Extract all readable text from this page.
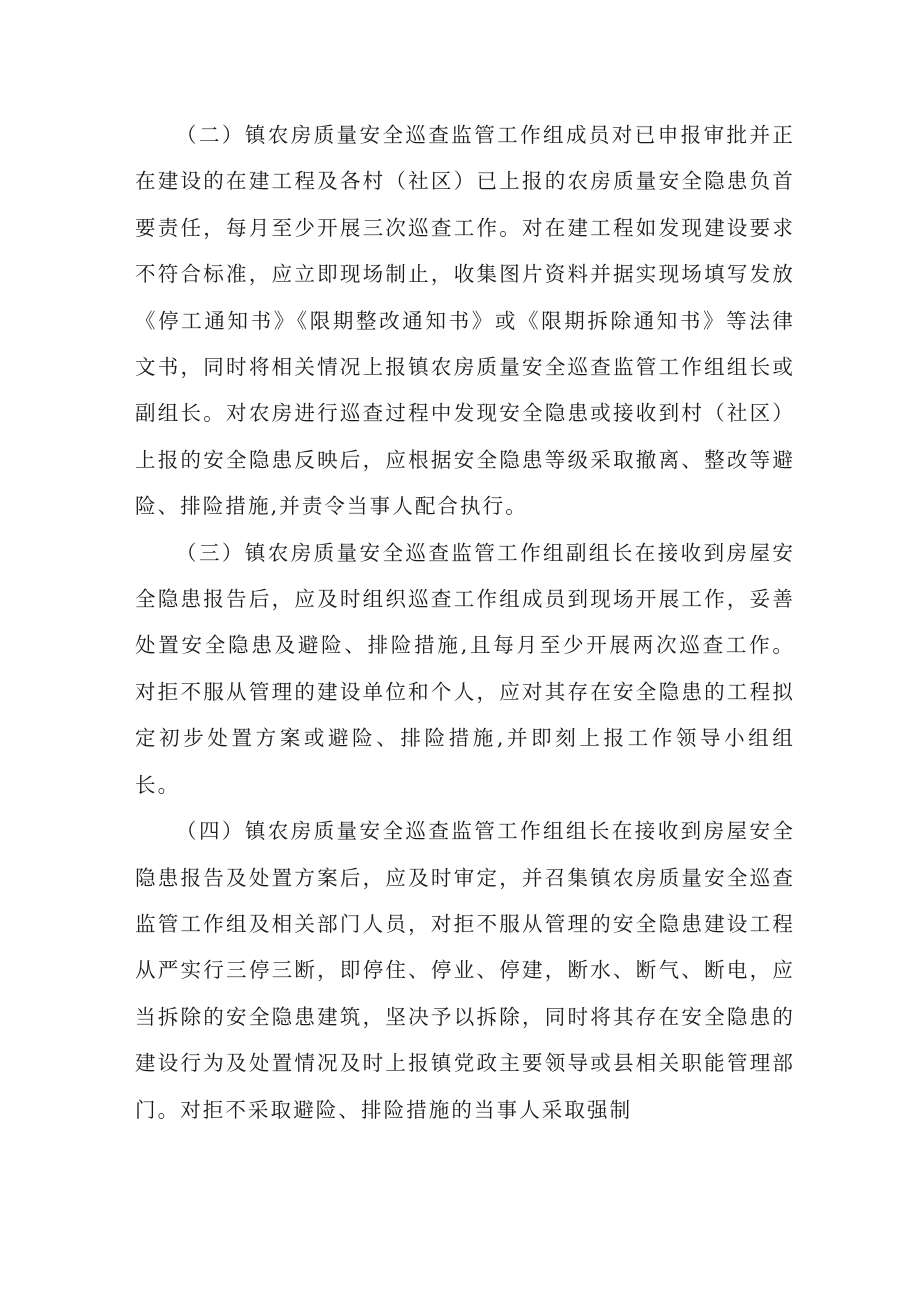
（二）镇农房质量安全巡查监管工作组成员对已申报审批并正在建设的在建工程及各村（社区）已上报的农房质量安全隐患负首要责任，每月至少开展三次巡查工作。对在建工程如发现建设要求不符合标准，应立即现场制止，收集图片资料并据实现场填写发放《停工通知书》《限期整改通知书》或《限期拆除通知书》等法律文书，同时将相关情况上报镇农房质量安全巡查监管工作组组长或副组长。对农房进行巡查过程中发现安全隐患或接收到村（社区）上报的安全隐患反映后，应根据安全隐患等级采取撤离、整改等避险、排险措施,并责令当事人配合执行。

（三）镇农房质量安全巡查监管工作组副组长在接收到房屋安全隐患报告后，应及时组织巡查工作组成员到现场开展工作，妥善处置安全隐患及避险、排险措施,且每月至少开展两次巡查工作。对拒不服从管理的建设单位和个人，应对其存在安全隐患的工程拟定初步处置方案或避险、排险措施,并即刻上报工作领导小组组长。

（四）镇农房质量安全巡查监管工作组组长在接收到房屋安全隐患报告及处置方案后，应及时审定，并召集镇农房质量安全巡查监管工作组及相关部门人员，对拒不服从管理的安全隐患建设工程从严实行三停三断，即停住、停业、停建，断水、断气、断电，应当拆除的安全隐患建筑，坚决予以拆除，同时将其存在安全隐患的建设行为及处置情况及时上报镇党政主要领导或县相关职能管理部门。对拒不采取避险、排险措施的当事人采取强制
